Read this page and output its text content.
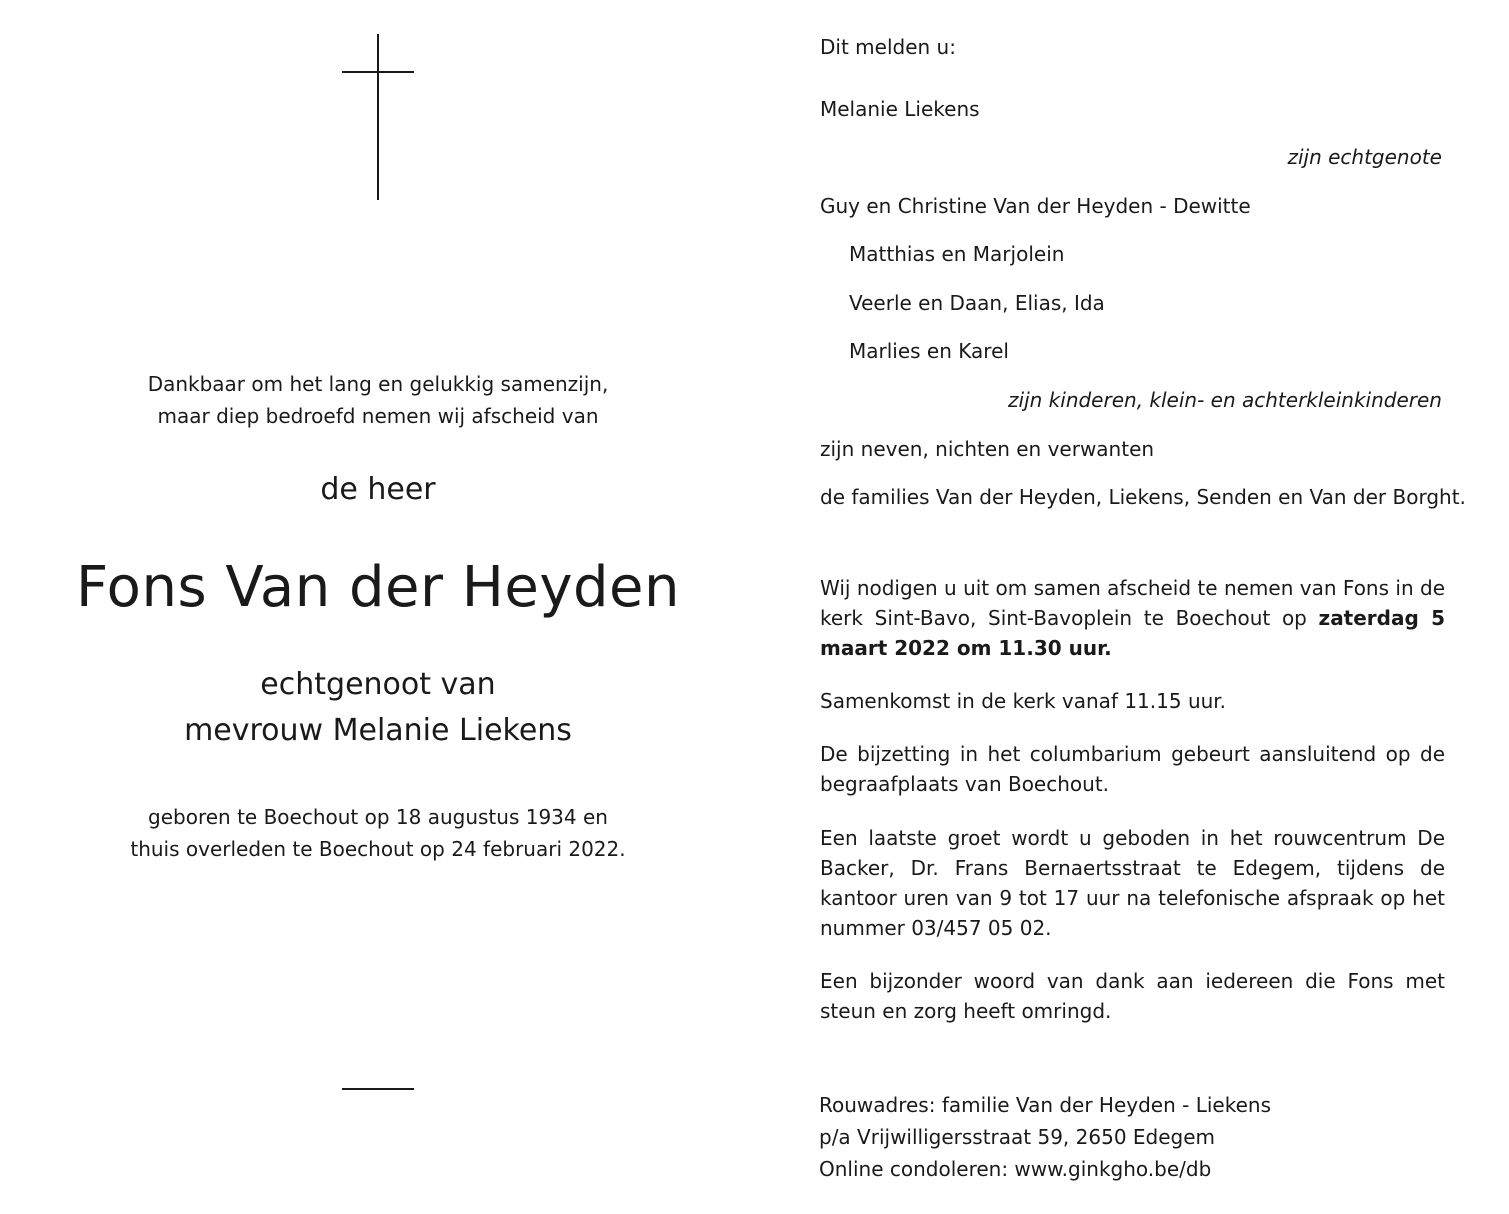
Dankbaar om het lang en gelukkig samenzijn,
maar diep bedroefd nemen wij afscheid van
de heer
Fons Van der Heyden
echtgenoot van
mevrouw Melanie Liekens
geboren te Boechout op 18 augustus 1934 en
thuis overleden te Boechout op 24 februari 2022.
Dit melden u:
Melanie Liekens
zijn echtgenote
Guy en Christine Van der Heyden - Dewitte
Matthias en Marjolein
Veerle en Daan, Elias, Ida
Marlies en Karel
zijn kinderen, klein- en achterkleinkinderen
zijn neven, nichten en verwanten
de families Van der Heyden, Liekens, Senden en Van der Borght.
Wij nodigen u uit om samen afscheid te nemen van Fons in de kerk Sint-Bavo, Sint-Bavoplein te Boechout op zaterdag 5 maart 2022 om 11.30 uur.
Samenkomst in de kerk vanaf 11.15 uur.
De bijzetting in het columbarium gebeurt aansluitend op de begraafplaats van Boechout.
Een laatste groet wordt u geboden in het rouwcentrum De Backer, Dr. Frans Bernaertsstraat te Edegem, tijdens de kantoor uren van 9 tot 17 uur na telefonische afspraak op het nummer 03/457 05 02.
Een bijzonder woord van dank aan iedereen die Fons met steun en zorg heeft omringd.
Rouwadres: familie Van der Heyden - Liekens
p/a Vrijwilligersstraat 59, 2650 Edegem
Online condoleren: www.ginkgho.be/db
